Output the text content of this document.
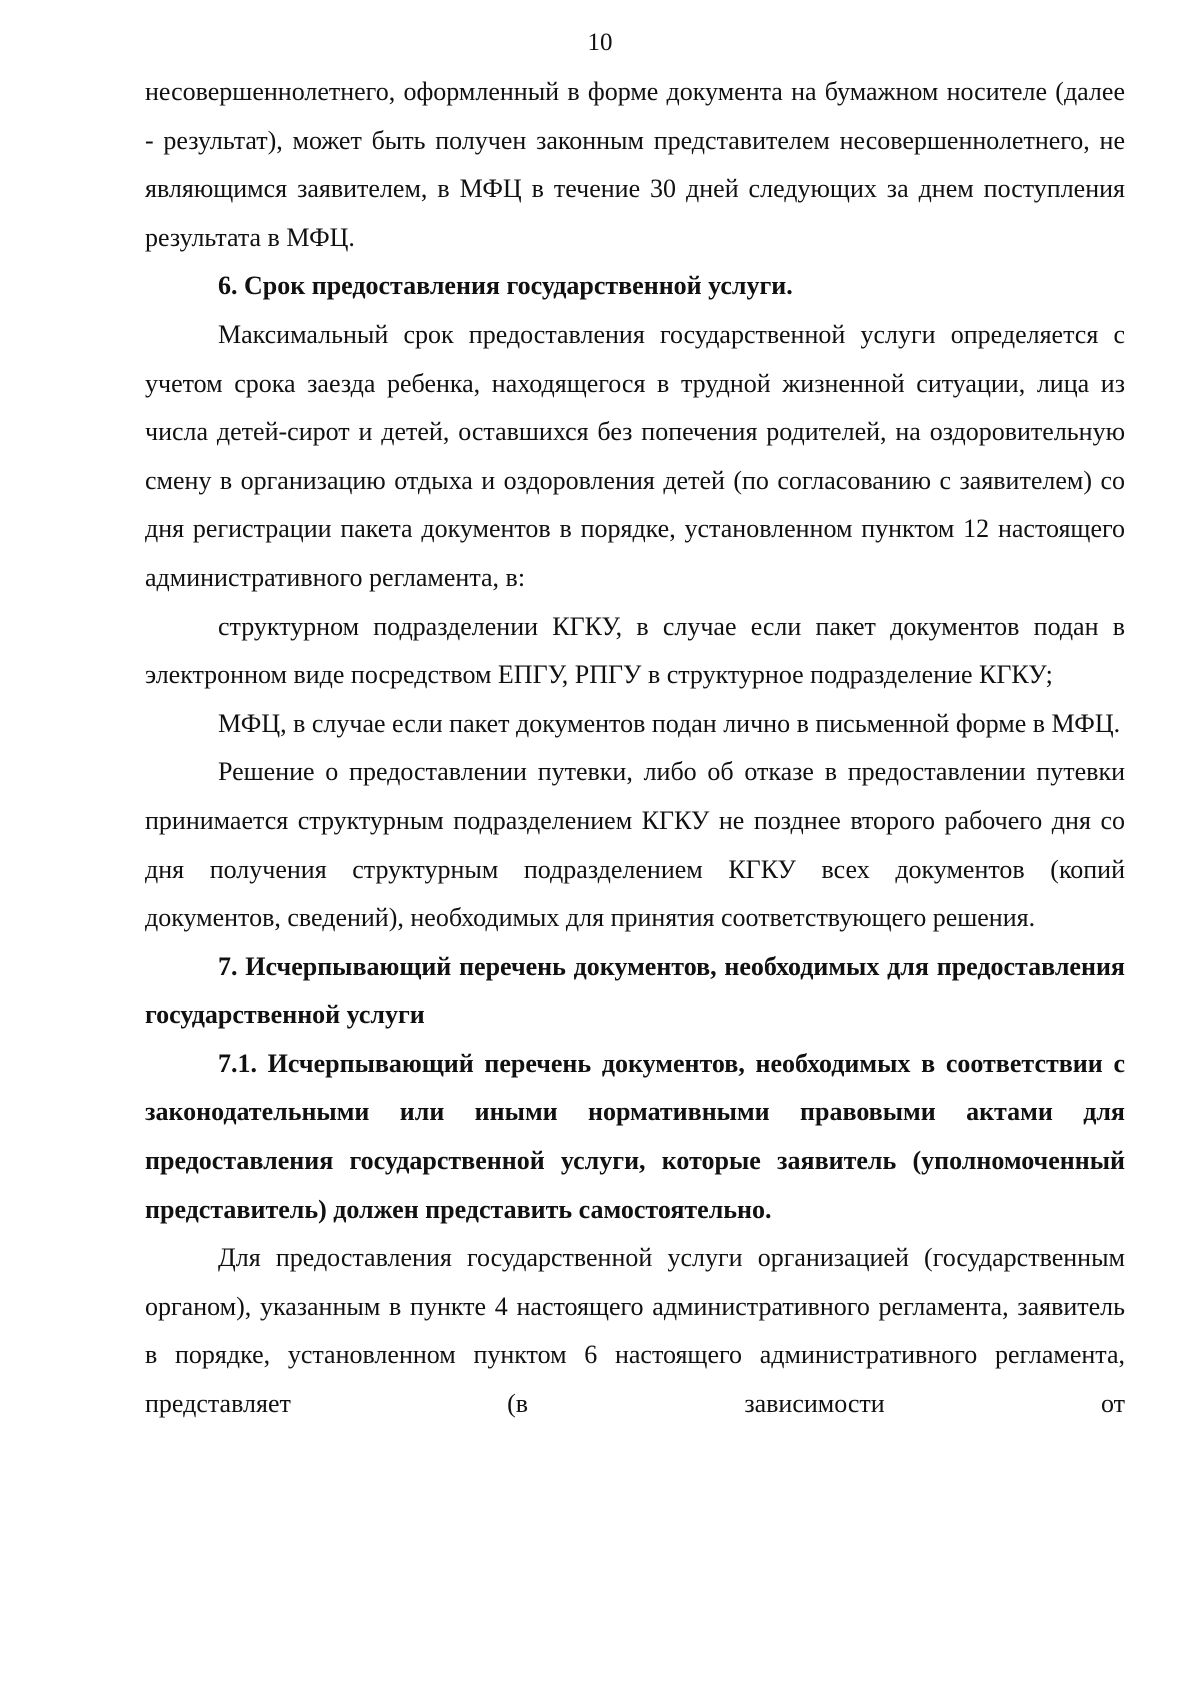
10

несовершеннолетнего, оформленный в форме документа на бумажном носителе (далее - результат), может быть получен законным представителем несовершеннолетнего, не являющимся заявителем, в МФЦ в течение 30 дней следующих за днем поступления результата в МФЦ.

6. Срок предоставления государственной услуги.

Максимальный срок предоставления государственной услуги определяется с учетом срока заезда ребенка, находящегося в трудной жизненной ситуации, лица из числа детей-сирот и детей, оставшихся без попечения родителей, на оздоровительную смену в организацию отдыха и оздоровления детей (по согласованию с заявителем) со дня регистрации пакета документов в порядке, установленном пунктом 12 настоящего административного регламента, в:

структурном подразделении КГКУ, в случае если пакет документов подан в электронном виде посредством ЕПГУ, РПГУ в структурное подразделение КГКУ;

МФЦ, в случае если пакет документов подан лично в письменной форме в МФЦ.

Решение о предоставлении путевки, либо об отказе в предоставлении путевки принимается структурным подразделением КГКУ не позднее второго рабочего дня со дня получения структурным подразделением КГКУ всех документов (копий документов, сведений), необходимых для принятия соответствующего решения.

7. Исчерпывающий перечень документов, необходимых для предоставления государственной услуги

7.1. Исчерпывающий перечень документов, необходимых в соответствии с законодательными или иными нормативными правовыми актами для предоставления государственной услуги, которые заявитель (уполномоченный представитель) должен представить самостоятельно.

Для предоставления государственной услуги организацией (государственным органом), указанным в пункте 4 настоящего административного регламента, заявитель в порядке, установленном пунктом 6 настоящего административного регламента, представляет (в зависимости от
